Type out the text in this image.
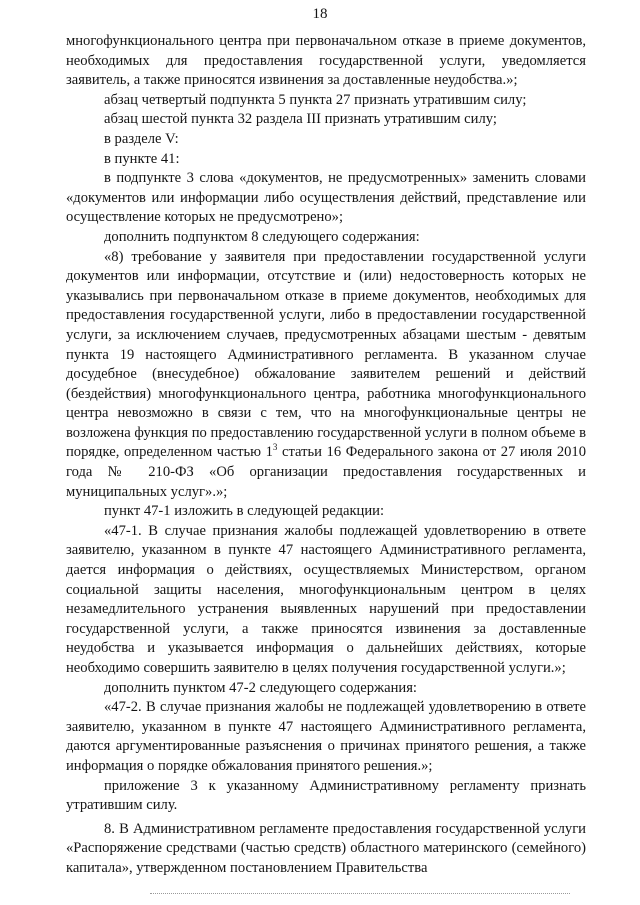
18

многофункционального центра при первоначальном отказе в приеме документов, необходимых для предоставления государственной услуги, уведомляется заявитель, а также приносятся извинения за доставленные неудобства.»;

абзац четвертый подпункта 5 пункта 27 признать утратившим силу;

абзац шестой пункта 32 раздела III признать утратившим силу;

в разделе V:

в пункте 41:

в подпункте 3 слова «документов, не предусмотренных» заменить словами «документов или информации либо осуществления действий, представление или осуществление которых не предусмотрено»;

дополнить подпунктом 8 следующего содержания:

«8) требование у заявителя при предоставлении государственной услуги документов или информации, отсутствие и (или) недостоверность которых не указывались при первоначальном отказе в приеме документов, необходимых для предоставления государственной услуги, либо в предоставлении государственной услуги, за исключением случаев, предусмотренных абзацами шестым - девятым пункта 19 настоящего Административного регламента. В указанном случае досудебное (внесудебное) обжалование заявителем решений и действий (бездействия) многофункционального центра, работника многофункционального центра невозможно в связи с тем, что на многофункциональные центры не возложена функция по предоставлению государственной услуги в полном объеме в порядке, определенном частью $1^3$ статьи 16 Федерального закона от 27 июля 2010 года № 210-ФЗ «Об организации предоставления государственных и муниципальных услуг».»;

пункт 47-1 изложить в следующей редакции:

«47-1. В случае признания жалобы подлежащей удовлетворению в ответе заявителю, указанном в пункте 47 настоящего Административного регламента, дается информация о действиях, осуществляемых Министерством, органом социальной защиты населения, многофункциональным центром в целях незамедлительного устранения выявленных нарушений при предоставлении государственной услуги, а также приносятся извинения за доставленные неудобства и указывается информация о дальнейших действиях, которые необходимо совершить заявителю в целях получения государственной услуги.»;

дополнить пунктом 47-2 следующего содержания:

«47-2. В случае признания жалобы не подлежащей удовлетворению в ответе заявителю, указанном в пункте 47 настоящего Административного регламента, даются аргументированные разъяснения о причинах принятого решения, а также информация о порядке обжалования принятого решения.»;

приложение 3 к указанному Административному регламенту признать утратившим силу.

8. В Административном регламенте предоставления государственной услуги «Распоряжение средствами (частью средств) областного материнского (семейного) капитала», утвержденном постановлением Правительства
